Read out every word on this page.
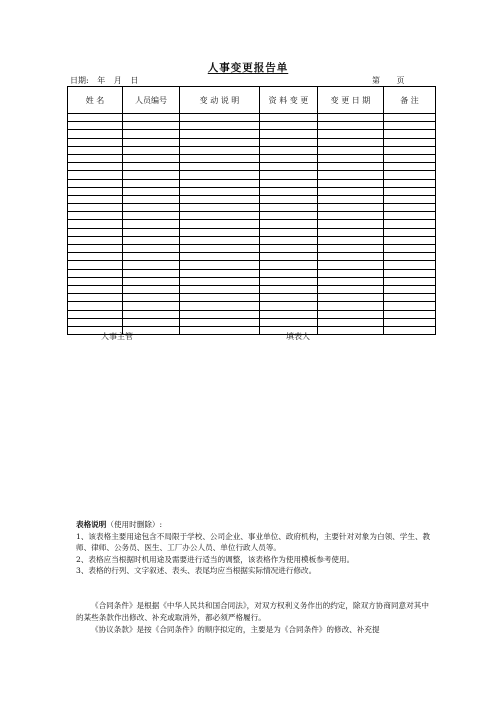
人事变更报告单
日期: 年 月 日	第 页
姓 名	人员编号	变 动 说 明	资 料 变 更	变 更 日 期	备 注

人事主管	填表人

表格说明（使用时删除）:

1、该表格主要用途包含不局限于学校、公司企业、事业单位、政府机构，主要针对对象为白领、学生、教师、律师、公务员、医生、工厂办公人员、单位行政人员等。

2、表格应当根据时机用途及需要进行适当的调整，该表格作为使用模板参考使用。

3、表格的行列、文字叙述、表头、表尾均应当根据实际情况进行修改。

《合同条件》是根据《中华人民共和国合同法》，对双方权利义务作出的约定，除双方协商同意对其中的某些条款作出修改、补充或取消外，都必须严格履行。

《协议条款》是按《合同条件》的顺序拟定的，主要是为《合同条件》的修改、补充提
